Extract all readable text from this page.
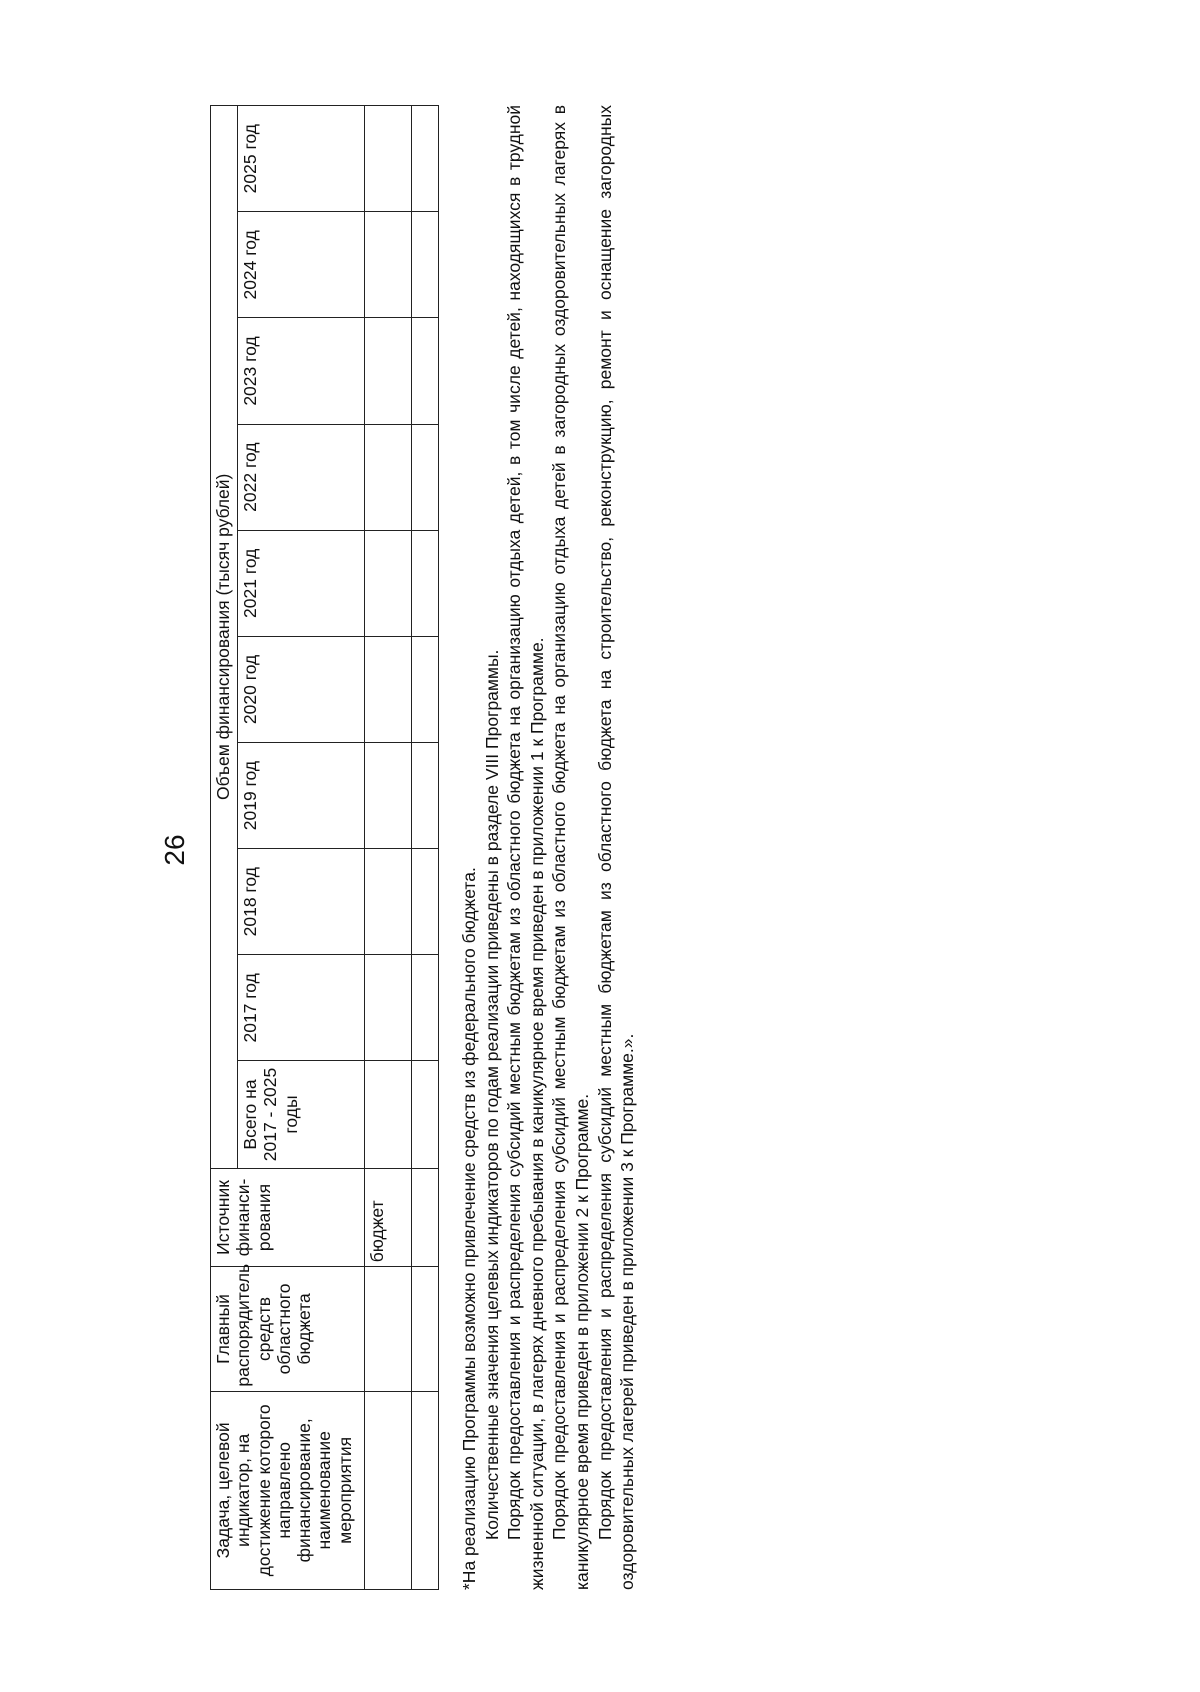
26
Задача, целевой индикатор, на достижение которого направлено финансирование, наименование мероприятия	Главный распорядитель средств областного бюджета	Источник финанси-рования	Объем финансирования (тысяч рублей)									
			Всего на 2017 - 2025 годы	2017 год	2018 год	2019 год	2020 год	2021 год	2022 год	2023 год	2024 год	2025 год
		бюджет										
													*На реализацию Программы возможно привлечение средств из федерального бюджета. Количественные значения целевых индикаторов по годам реализации приведены в разделе VIII Программы. Порядок предоставления и распределения субсидий местным бюджетам из областного бюджета на организацию отдыха детей, в том числе детей, находящихся в трудной жизненной ситуации, в лагерях дневного пребывания в каникулярное время приведен в приложении 1 к Программе. Порядок предоставления и распределения субсидий местным бюджетам из областного бюджета на организацию отдыха детей в загородных оздоровительных лагерях в каникулярное время приведен в приложении 2 к Программе. Порядок предоставления и распределения субсидий местным бюджетам из областного бюджета на строительство, реконструкцию, ремонт и оснащение загородных оздоровительных лагерей приведен в приложении 3 к Программе.».
